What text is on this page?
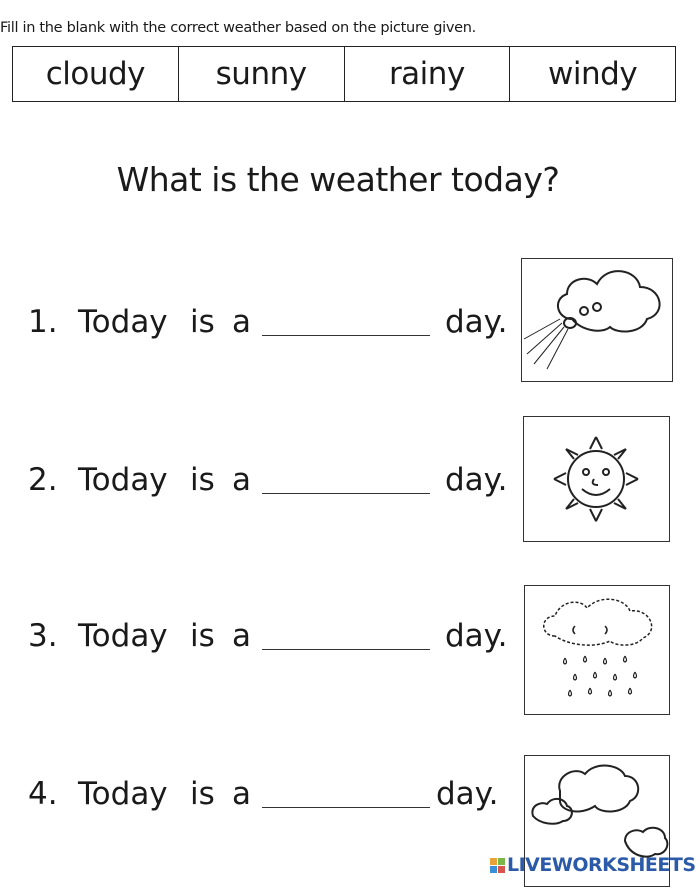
Fill in the blank with the correct weather based on the picture given.
cloudy	sunny	rainy	windy
What is the weather today?
1. Today is a	day.
2. Today is a	day.
3. Today is a	day.
4. Today is a	day.
LIVEWORKSHEETS
